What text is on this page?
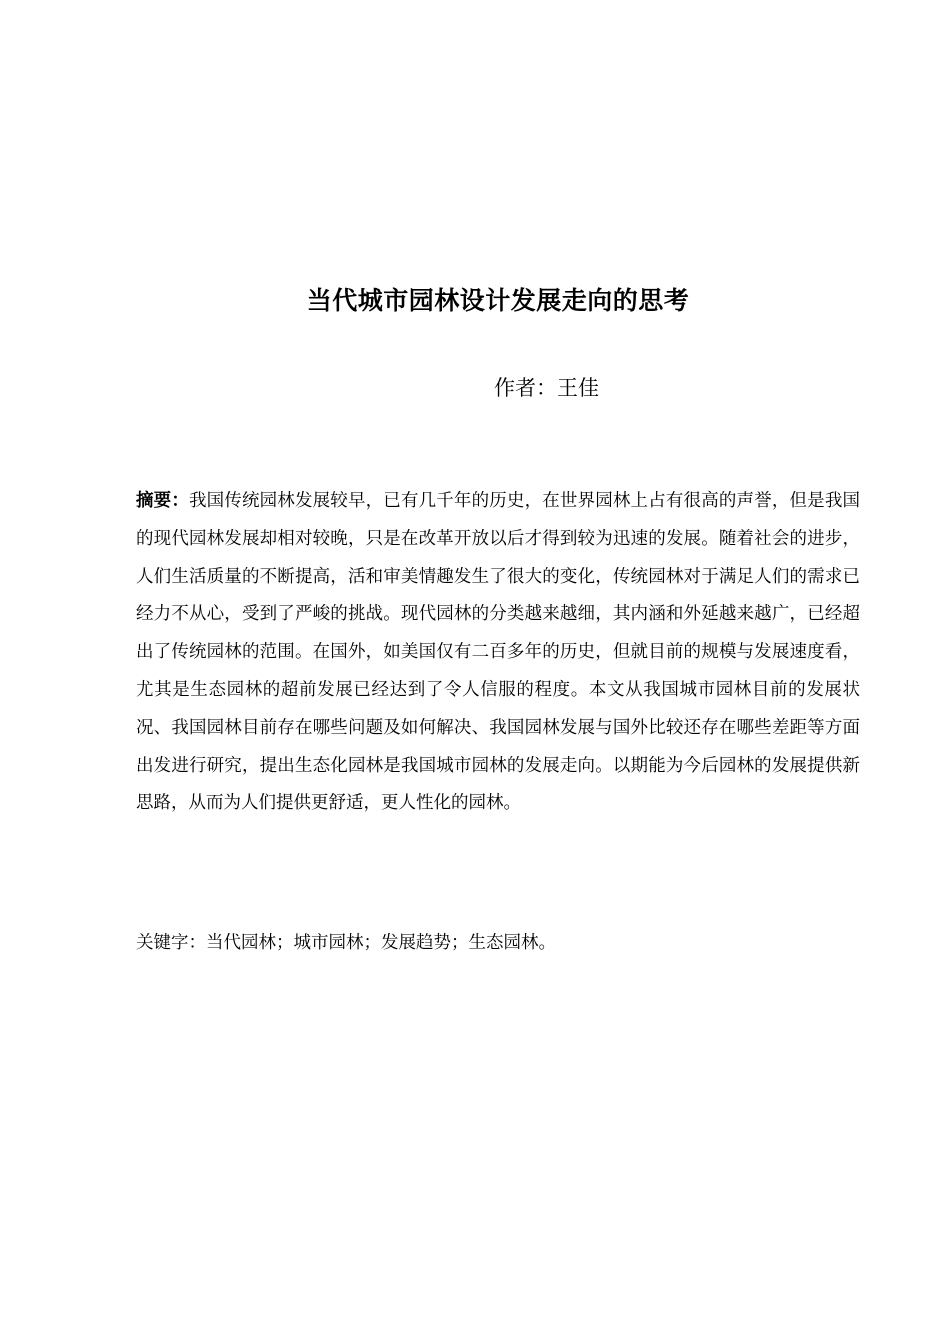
当代城市园林设计发展走向的思考

作者：王佳

摘要：我国传统园林发展较早，已有几千年的历史，在世界园林上占有很高的声誉，但是我国的现代园林发展却相对较晚，只是在改革开放以后才得到较为迅速的发展。随着社会的进步，人们生活质量的不断提高，活和审美情趣发生了很大的变化，传统园林对于满足人们的需求已经力不从心，受到了严峻的挑战。现代园林的分类越来越细，其内涵和外延越来越广，已经超出了传统园林的范围。在国外，如美国仅有二百多年的历史，但就目前的规模与发展速度看，尤其是生态园林的超前发展已经达到了令人信服的程度。本文从我国城市园林目前的发展状况、我国园林目前存在哪些问题及如何解决、我国园林发展与国外比较还存在哪些差距等方面出发进行研究，提出生态化园林是我国城市园林的发展走向。以期能为今后园林的发展提供新思路，从而为人们提供更舒适，更人性化的园林。

关键字：当代园林；城市园林；发展趋势；生态园林。
